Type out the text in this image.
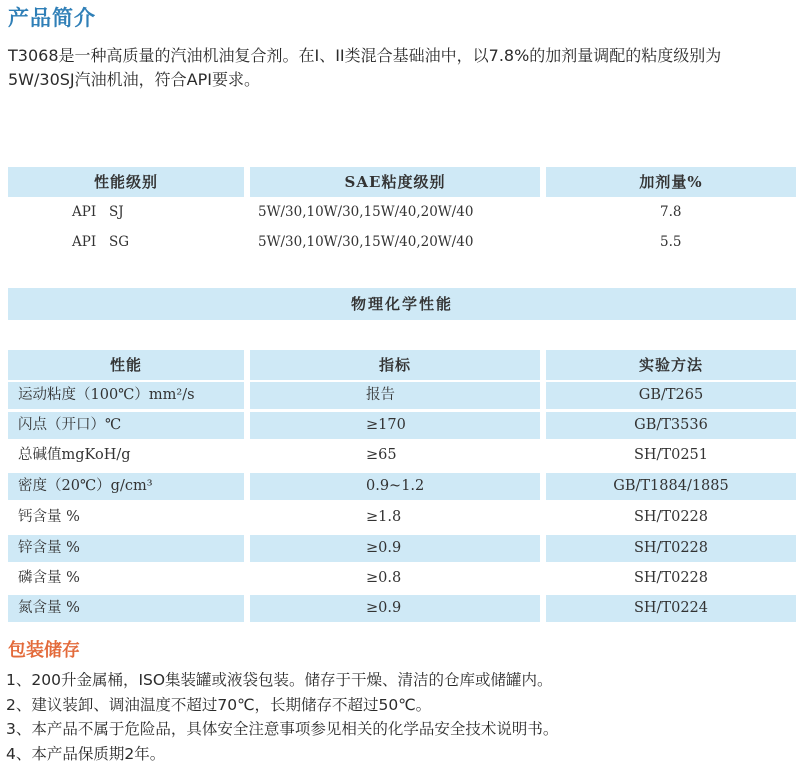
产品简介
T3068是一种高质量的汽油机油复合剂。在I、II类混合基础油中，以7.8%的加剂量调配的粘度级别为
5W/30SJ汽油机油，符合API要求。
性能级别	SAE粘度级别	加剂量%
API   SJ	5W/30,10W/30,15W/40,20W/40	7.8
API   SG	5W/30,10W/30,15W/40,20W/40	5.5
物理化学性能
性能	指标	实验方法
运动粘度（100℃）mm²/s	报告	GB/T265
闪点（开口）℃	≥170	GB/T3536
总碱值mgKoH/g	≥65	SH/T0251
密度（20℃）g/cm³	0.9~1.2	GB/T1884/1885
钙含量 %	≥1.8	SH/T0228
锌含量 %	≥0.9	SH/T0228
磷含量 %	≥0.8	SH/T0228
氮含量 %	≥0.9	SH/T0224
包装储存
1、200升金属桶，ISO集装罐或液袋包装。储存于干燥、清洁的仓库或储罐内。
2、建议装卸、调油温度不超过70℃，长期储存不超过50℃。
3、本产品不属于危险品，具体安全注意事项参见相关的化学品安全技术说明书。
4、本产品保质期2年。
